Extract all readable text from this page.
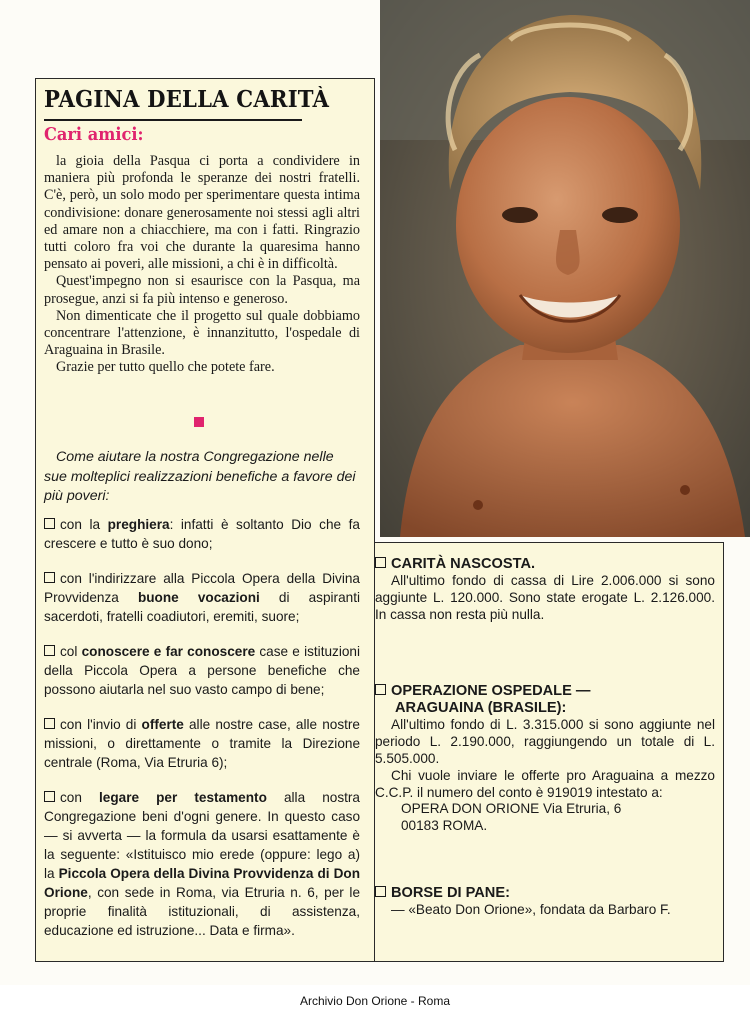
PAGINA DELLA CARITÀ
Cari amici:

la gioia della Pasqua ci porta a condividere in maniera più profonda le speranze dei nostri fratelli. C'è, però, un solo modo per sperimentare questa intima condivisione: donare generosamente noi stessi agli altri ed amare non a chiacchiere, ma con i fatti. Ringrazio tutti coloro fra voi che durante la quaresima hanno pensato ai poveri, alle missioni, a chi è in difficoltà.

Quest'impegno non si esaurisce con la Pasqua, ma prosegue, anzi si fa più intenso e generoso.

Non dimenticate che il progetto sul quale dobbiamo concentrare l'attenzione, è innanzitutto, l'ospedale di Araguaina in Brasile.

Grazie per tutto quello che potete fare.

Come aiutare la nostra Congregazione nelle sue molteplici realizzazioni benefiche a favore dei più poveri:

con la preghiera: infatti è soltanto Dio che fa crescere e tutto è suo dono;
con l'indirizzare alla Piccola Opera della Divina Provvidenza buone vocazioni di aspiranti sacerdoti, fratelli coadiutori, eremiti, suore;
col conoscere e far conoscere case e istituzioni della Piccola Opera a persone benefiche che possono aiutarla nel suo vasto campo di bene;
con l'invio di offerte alle nostre case, alle nostre missioni, o direttamente o tramite la Direzione centrale (Roma, Via Etruria 6);
con legare per testamento alla nostra Congregazione beni d'ogni genere. In questo caso — si avverta — la formula da usarsi esattamente è la seguente: «Istituisco mio erede (oppure: lego a) la Piccola Opera della Divina Provvidenza di Don Orione, con sede in Roma, via Etruria n. 6, per le proprie finalità istituzionali, di assistenza, educazione ed istruzione... Data e firma».
CARITÀ NASCOSTA.

All'ultimo fondo di cassa di Lire 2.006.000 si sono aggiunte L. 120.000. Sono state erogate L. 2.126.000. In cassa non resta più nulla.

OPERAZIONE OSPEDALE —
ARAGUAINA (BRASILE):

All'ultimo fondo di L. 3.315.000 si sono aggiunte nel periodo L. 2.190.000, raggiungendo un totale di L. 5.505.000.

Chi vuole inviare le offerte pro Araguaina a mezzo C.C.P. il numero del conto è 919019 intestato a:

OPERA DON ORIONE Via Etruria, 6

00183 ROMA.

BORSE DI PANE:

— «Beato Don Orione», fondata da Barbaro F.

Archivio Don Orione - Roma
